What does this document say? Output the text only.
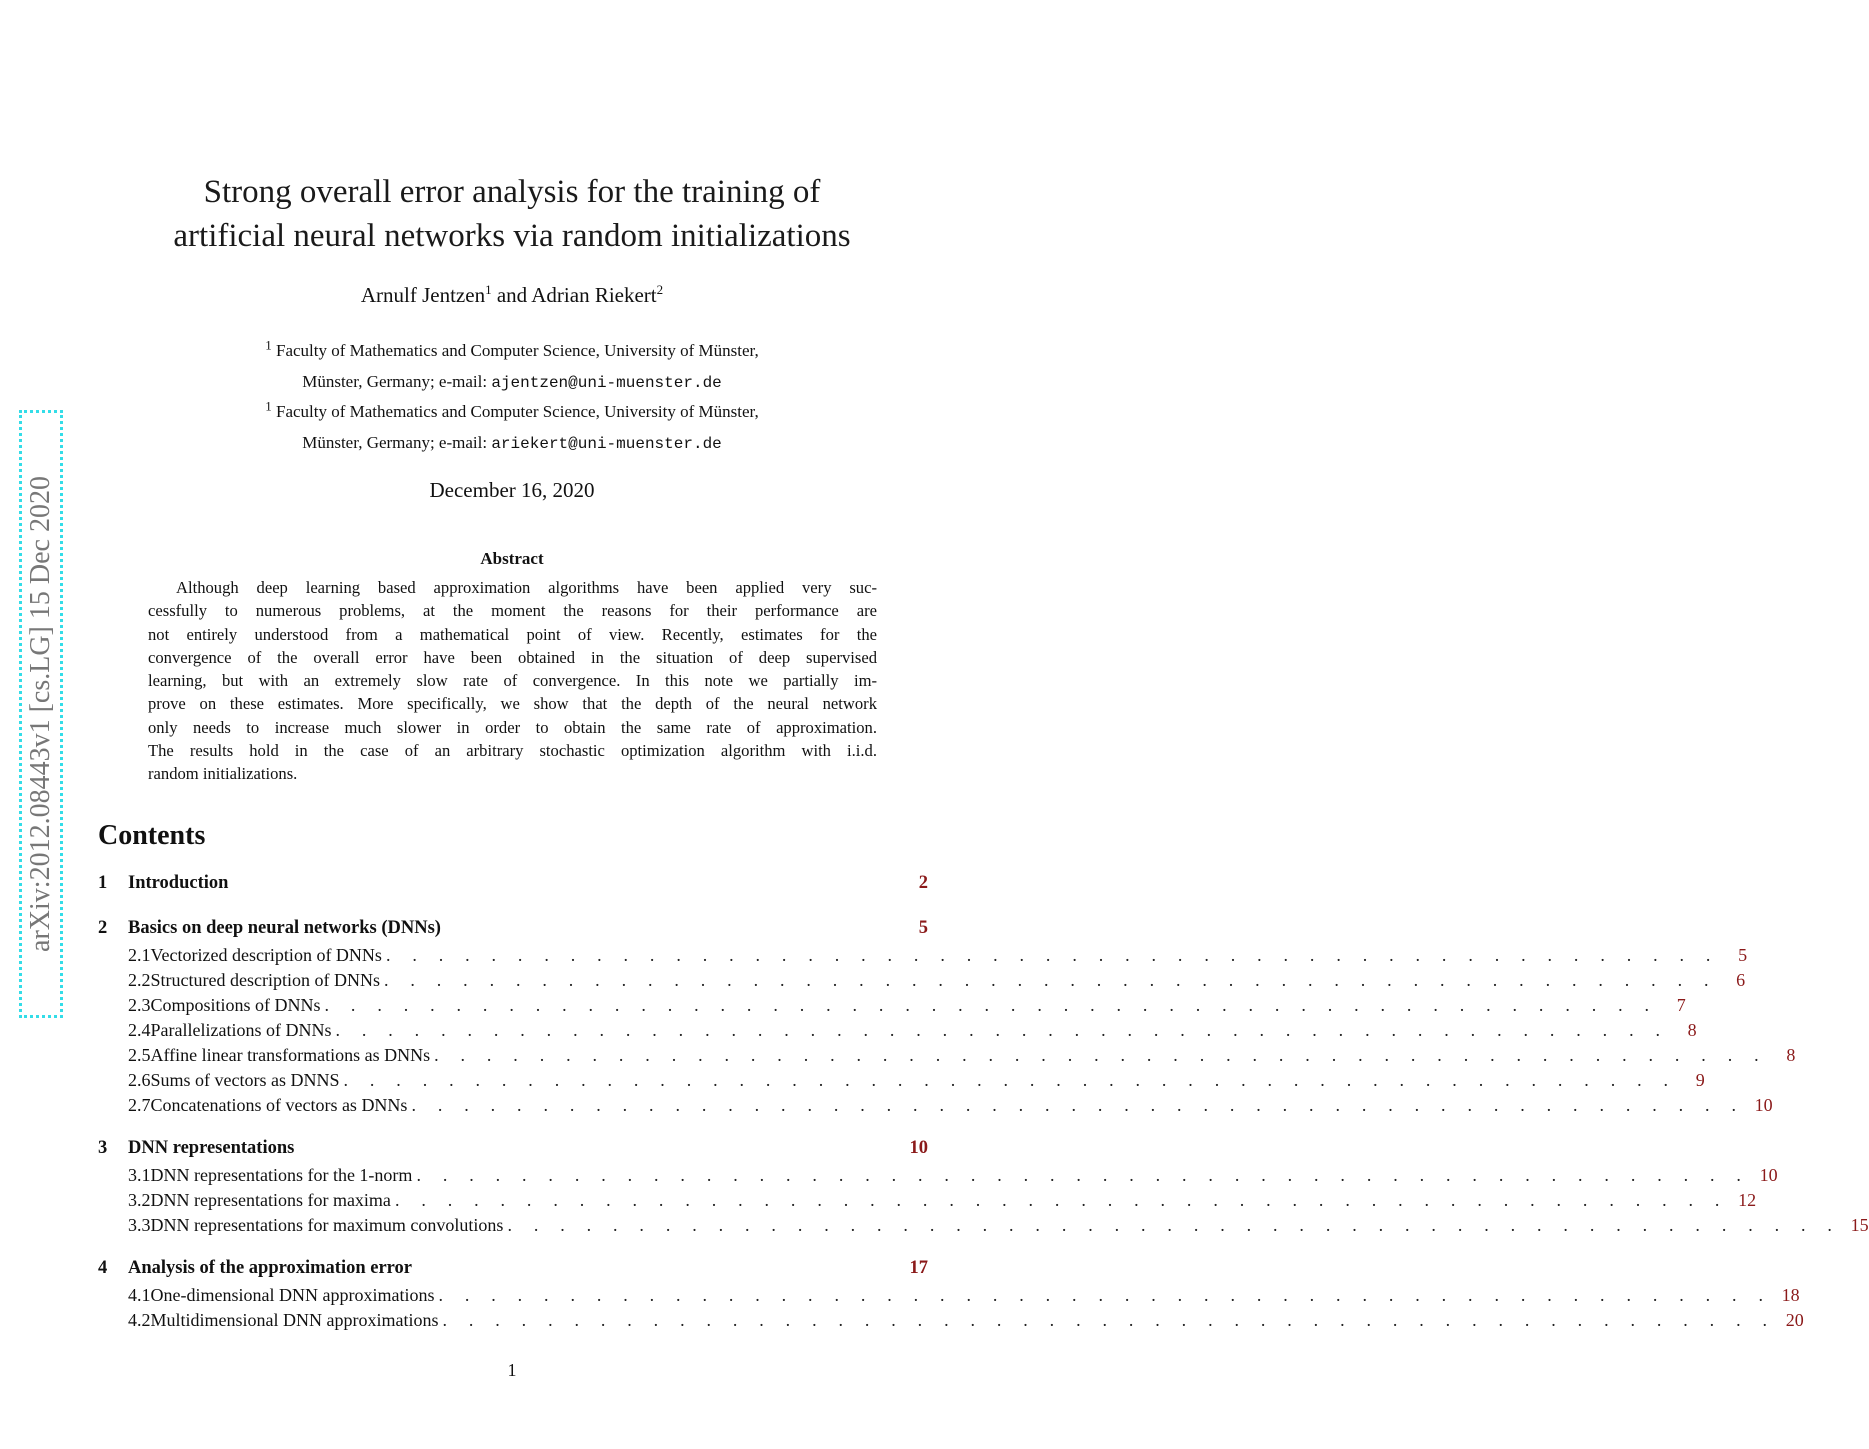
arXiv:2012.08443v1 [cs.LG] 15 Dec 2020
Strong overall error analysis for the training of
artificial neural networks via random initializations
Arnulf Jentzen$^1$ and Adrian Riekert$^2$
$^1$ Faculty of Mathematics and Computer Science, University of Münster,
Münster, Germany; e-mail: ajentzen@uni-muenster.de
$^1$ Faculty of Mathematics and Computer Science, University of Münster,
Münster, Germany; e-mail: ariekert@uni-muenster.de
December 16, 2020
Abstract
Although deep learning based approximation algorithms have been applied very suc-
cessfully to numerous problems, at the moment the reasons for their performance are
not entirely understood from a mathematical point of view. Recently, estimates for the
convergence of the overall error have been obtained in the situation of deep supervised
learning, but with an extremely slow rate of convergence. In this note we partially im-
prove on these estimates. More specifically, we show that the depth of the neural network
only needs to increase much slower in order to obtain the same rate of approximation.
The results hold in the case of an arbitrary stochastic optimization algorithm with i.i.d.
random initializations.
Contents
1	Introduction	2
2	Basics on deep neural networks (DNNs)	5
2.1 Vectorized description of DNNs . . . . . . . . . . . . . . . . . . . . . . . . . . . . . . . . . . . . . . . . . . . . . . . . . . .	5
2.2 Structured description of DNNs . . . . . . . . . . . . . . . . . . . . . . . . . . . . . . . . . . . . . . . . . . . . . . . . . . .	6
2.3 Compositions of DNNs . . . . . . . . . . . . . . . . . . . . . . . . . . . . . . . . . . . . . . . . . . . . . . . . . . .	7
2.4 Parallelizations of DNNs . . . . . . . . . . . . . . . . . . . . . . . . . . . . . . . . . . . . . . . . . . . . . . . . . . .	8
2.5 Affine linear transformations as DNNs . . . . . . . . . . . . . . . . . . . . . . . . . . . . . . . . . . . . . . . . . . . . . . . . . . .	8
2.6 Sums of vectors as DNNS . . . . . . . . . . . . . . . . . . . . . . . . . . . . . . . . . . . . . . . . . . . . . . . . . . .	9
2.7 Concatenations of vectors as DNNs . . . . . . . . . . . . . . . . . . . . . . . . . . . . . . . . . . . . . . . . . . . . . . . . . . . 10
3	DNN representations	10
3.1 DNN representations for the 1-norm . . . . . . . . . . . . . . . . . . . . . . . . . . . . . . . . . . . . . . . . . . . . . . . . . . . 10
3.2 DNN representations for maxima . . . . . . . . . . . . . . . . . . . . . . . . . . . . . . . . . . . . . . . . . . . . . . . . . . . 12
3.3 DNN representations for maximum convolutions . . . . . . . . . . . . . . . . . . . . . . . . . . . . . . . . . . . . . . . . . . . . . . . . . . . 15
4	Analysis of the approximation error	17
4.1 One-dimensional DNN approximations . . . . . . . . . . . . . . . . . . . . . . . . . . . . . . . . . . . . . . . . . . . . . . . . . . . 18
4.2 Multidimensional DNN approximations . . . . . . . . . . . . . . . . . . . . . . . . . . . . . . . . . . . . . . . . . . . . . . . . . . . 20
1
